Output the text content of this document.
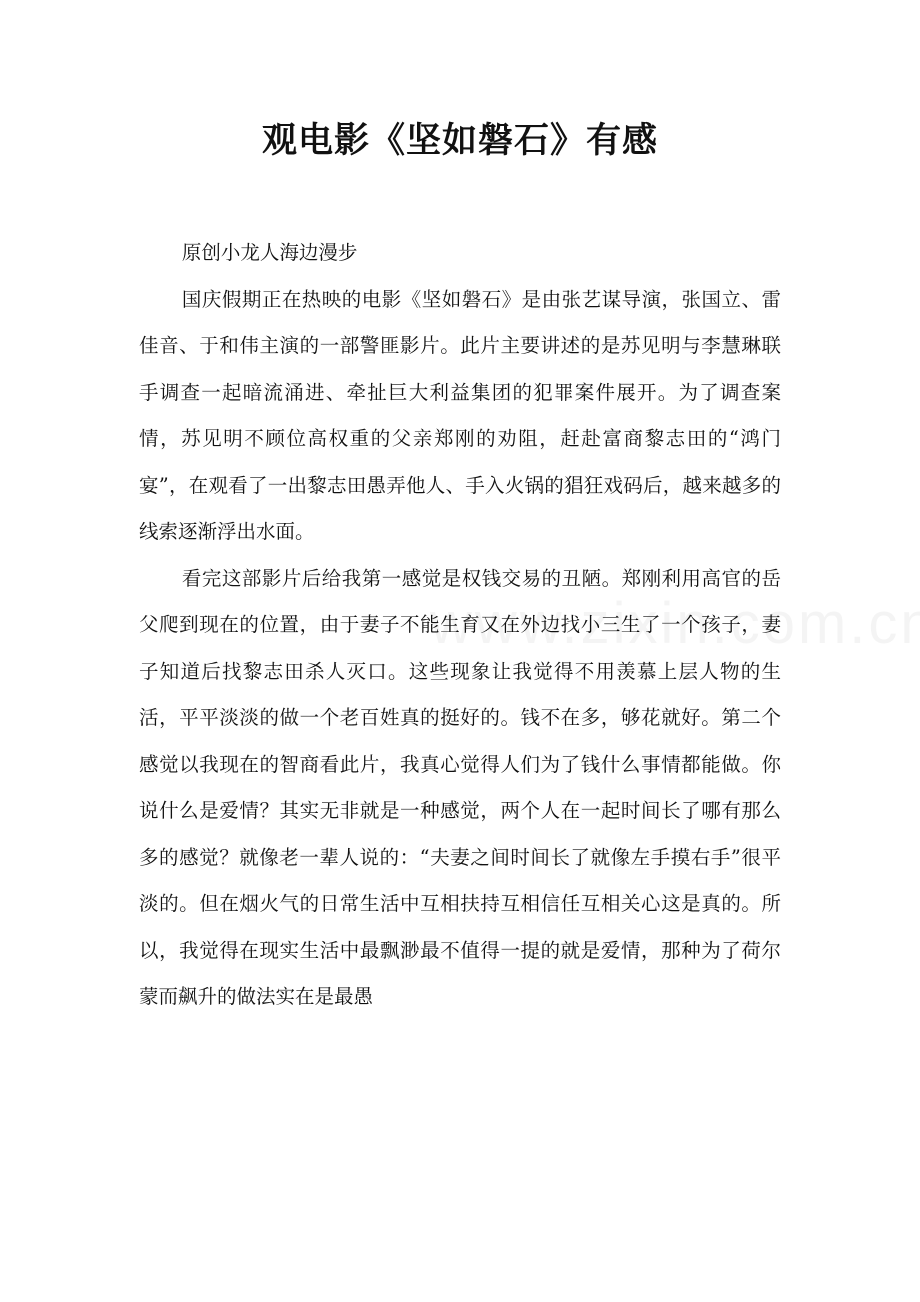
观电影《坚如磐石》有感

原创小龙人海边漫步

国庆假期正在热映的电影《坚如磐石》是由张艺谋导演，张国立、雷佳音、于和伟主演的一部警匪影片。此片主要讲述的是苏见明与李慧琳联手调查一起暗流涌进、牵扯巨大利益集团的犯罪案件展开。为了调查案情，苏见明不顾位高权重的父亲郑刚的劝阻，赶赴富商黎志田的“鸿门宴”，在观看了一出黎志田愚弄他人、手入火锅的猖狂戏码后，越来越多的线索逐渐浮出水面。

看完这部影片后给我第一感觉是权钱交易的丑陋。郑刚利用高官的岳父爬到现在的位置，由于妻子不能生育又在外边找小三生了一个孩子，妻子知道后找黎志田杀人灭口。这些现象让我觉得不用羡慕上层人物的生活，平平淡淡的做一个老百姓真的挺好的。钱不在多，够花就好。第二个感觉以我现在的智商看此片，我真心觉得人们为了钱什么事情都能做。你说什么是爱情？其实无非就是一种感觉，两个人在一起时间长了哪有那么多的感觉？就像老一辈人说的：“夫妻之间时间长了就像左手摸右手”很平淡的。但在烟火气的日常生活中互相扶持互相信任互相关心这是真的。所以，我觉得在现实生活中最飘渺最不值得一提的就是爱情，那种为了荷尔蒙而飙升的做法实在是最愚
